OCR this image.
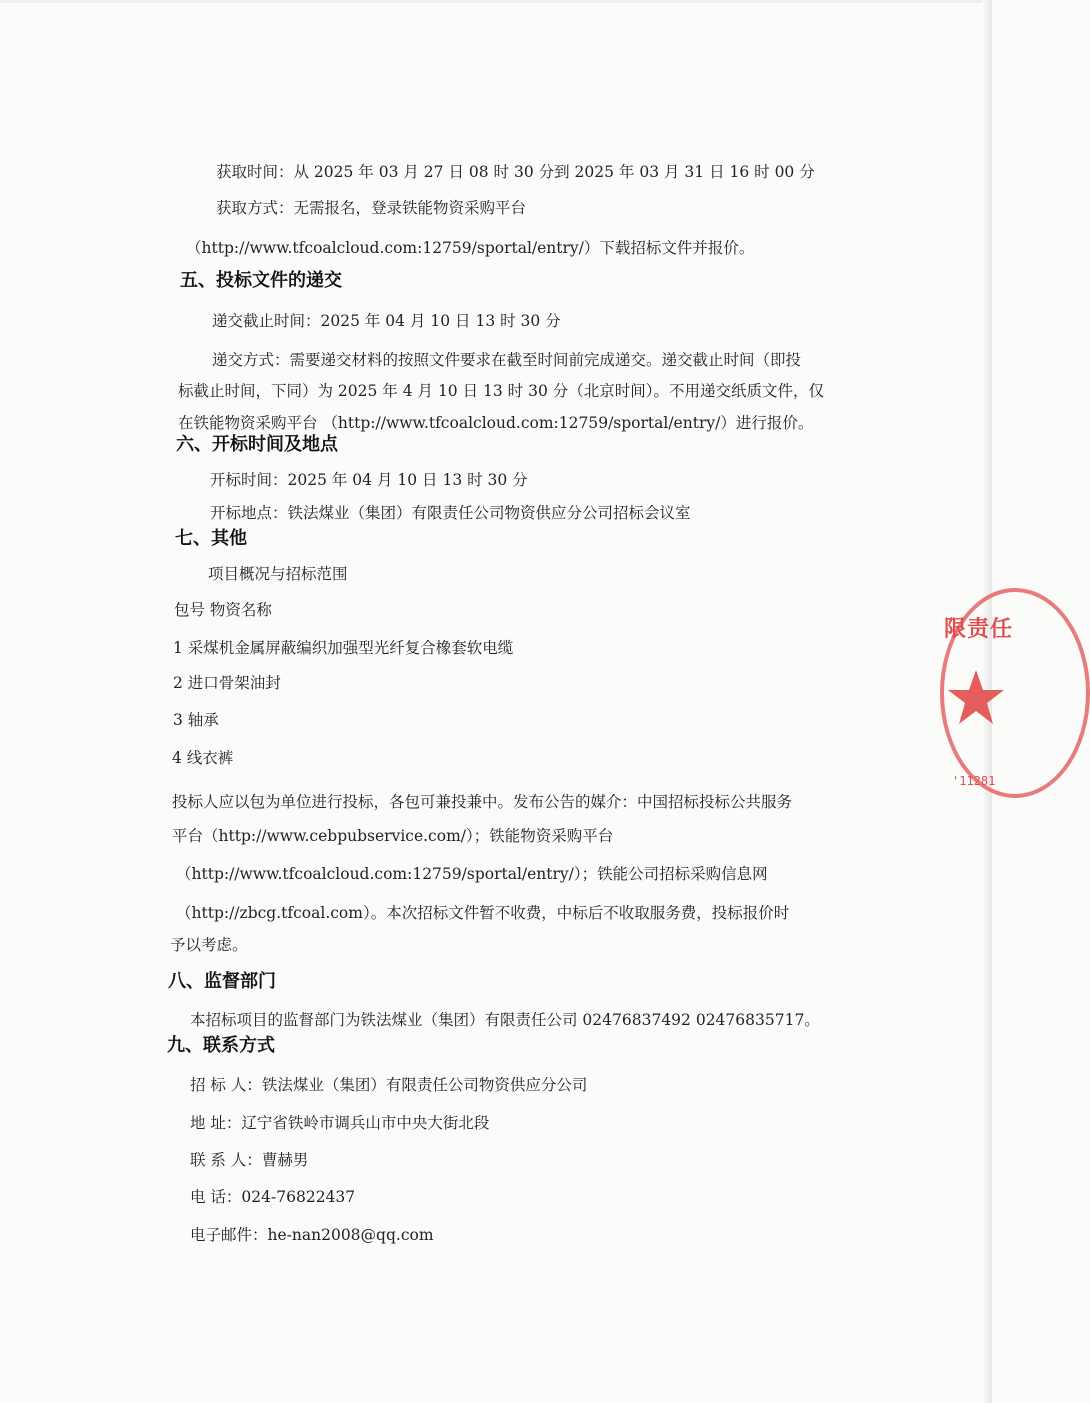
获取时间：从 2025 年 03 月 27 日 08 时 30 分到 2025 年 03 月 31 日 16 时 00 分
获取方式：无需报名，登录铁能物资采购平台
（http://www.tfcoalcloud.com:12759/sportal/entry/）下载招标文件并报价。
五、投标文件的递交
递交截止时间：2025 年 04 月 10 日 13 时 30 分
递交方式：需要递交材料的按照文件要求在截至时间前完成递交。递交截止时间（即投
标截止时间，下同）为 2025 年 4 月 10 日 13 时 30 分（北京时间）。不用递交纸质文件，仅
在铁能物资采购平台 （http://www.tfcoalcloud.com:12759/sportal/entry/）进行报价。
六、开标时间及地点
开标时间：2025 年 04 月 10 日 13 时 30 分
开标地点：铁法煤业（集团）有限责任公司物资供应分公司招标会议室
七、其他
项目概况与招标范围
包号 物资名称
1 采煤机金属屏蔽编织加强型光纤复合橡套软电缆
2 进口骨架油封
3 轴承
4 线衣裤
投标人应以包为单位进行投标，各包可兼投兼中。发布公告的媒介：中国招标投标公共服务
平台（http://www.cebpubservice.com/）；铁能物资采购平台
（http://www.tfcoalcloud.com:12759/sportal/entry/）；铁能公司招标采购信息网
（http://zbcg.tfcoal.com）。本次招标文件暂不收费，中标后不收取服务费，投标报价时
予以考虑。
八、监督部门
本招标项目的监督部门为铁法煤业（集团）有限责任公司 02476837492 02476835717。
九、联系方式
招 标 人：铁法煤业（集团）有限责任公司物资供应分公司
地 址：辽宁省铁岭市调兵山市中央大街北段
联 系 人：曹赫男
电 话：024-76822437
电子邮件：he-nan2008@qq.com
限责任
'11281
